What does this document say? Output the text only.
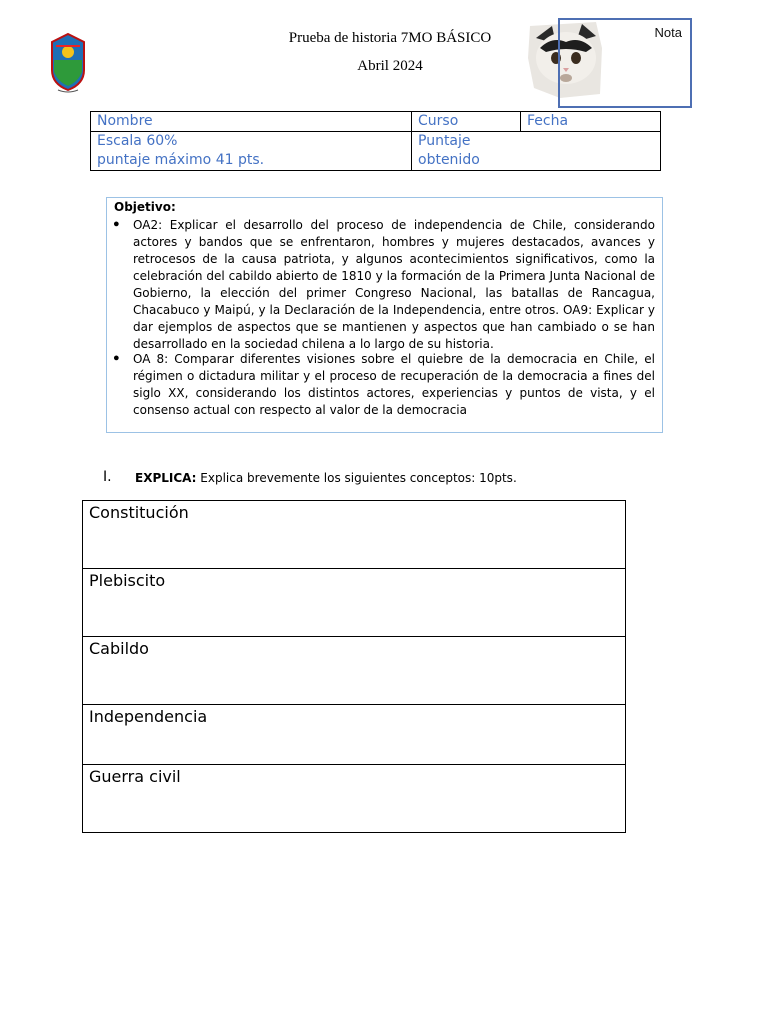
Prueba de historia 7MO BÁSICO
Abril 2024
Nota
Nombre	Curso	Fecha
Escala 60%
puntaje máximo 41 pts.
Puntaje
obtenido
Objetivo:
● OA2: Explicar el desarrollo del proceso de independencia de Chile, considerando actores y bandos que se enfrentaron, hombres y mujeres destacados, avances y retrocesos de la causa patriota, y algunos acontecimientos significativos, como la celebración del cabildo abierto de 1810 y la formación de la Primera Junta Nacional de Gobierno, la elección del primer Congreso Nacional, las batallas de Rancagua, Chacabuco y Maipú, y la Declaración de la Independencia, entre otros. OA9: Explicar y dar ejemplos de aspectos que se mantienen y aspectos que han cambiado o se han desarrollado en la sociedad chilena a lo largo de su historia.
● OA 8: Comparar diferentes visiones sobre el quiebre de la democracia en Chile, el régimen o dictadura militar y el proceso de recuperación de la democracia a fines del siglo XX, considerando los distintos actores, experiencias y puntos de vista, y el consenso actual con respecto al valor de la democracia
I. EXPLICA: Explica brevemente los siguientes conceptos: 10pts.
Constitución
Plebiscito
Cabildo
Independencia
Guerra civil
